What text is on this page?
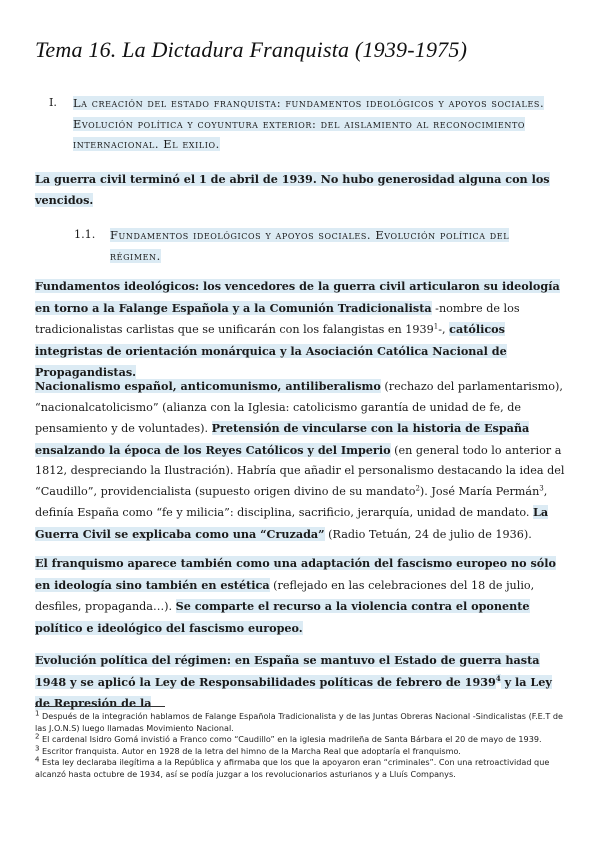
Tema 16. La Dictadura Franquista (1939-1975)
I. La creación del estado franquista: fundamentos ideológicos y apoyos sociales. Evolución política y coyuntura exterior: del aislamiento al reconocimiento internacional. El exilio.
La guerra civil terminó el 1 de abril de 1939. No hubo generosidad alguna con los vencidos.
1.1. Fundamentos ideológicos y apoyos sociales. Evolución política del régimen.
Fundamentos ideológicos: los vencedores de la guerra civil articularon su ideología en torno a la Falange Española y a la Comunión Tradicionalista -nombre de los tradicionalistas carlistas que se unificarán con los falangistas en 1939$^1$-, católicos integristas de orientación monárquica y la Asociación Católica Nacional de Propagandistas.
Nacionalismo español, anticomunismo, antiliberalismo (rechazo del parlamentarismo), “nacionalcatolicismo” (alianza con la Iglesia: catolicismo garantía de unidad de fe, de pensamiento y de voluntades). Pretensión de vincularse con la historia de España ensalzando la época de los Reyes Católicos y del Imperio (en general todo lo anterior a 1812, despreciando la Ilustración). Habría que añadir el personalismo destacando la idea del “Caudillo”, providencialista (supuesto origen divino de su mandato$^2$). José María Permán$^3$, definía España como “fe y milicia”: disciplina, sacrificio, jerarquía, unidad de mandato. La Guerra Civil se explicaba como una “Cruzada” (Radio Tetuán, 24 de julio de 1936).
El franquismo aparece también como una adaptación del fascismo europeo no sólo en ideología sino también en estética (reflejado en las celebraciones del 18 de julio, desfiles, propaganda…). Se comparte el recurso a la violencia contra el oponente político e ideológico del fascismo europeo.
Evolución política del régimen: en España se mantuvo el Estado de guerra hasta 1948 y se aplicó la Ley de Responsabilidades políticas de febrero de 1939$^4$ y la Ley de Represión de la

$^1$ Después de la integración hablamos de Falange Española Tradicionalista y de las Juntas Obreras Nacional -Sindicalistas (F.E.T de las J.O.N.S) luego llamadas Movimiento Nacional.

$^2$ El cardenal Isidro Gomá invistió a Franco como “Caudillo” en la iglesia madrileña de Santa Bárbara el 20 de mayo de 1939.

$^3$ Escritor franquista. Autor en 1928 de la letra del himno de la Marcha Real que adoptaría el franquismo.

$^4$ Esta ley declaraba ilegítima a la República y afirmaba que los que la apoyaron eran “criminales”. Con una retroactividad que alcanzó hasta octubre de 1934, así se podía juzgar a los revolucionarios asturianos y a Lluís Companys.
